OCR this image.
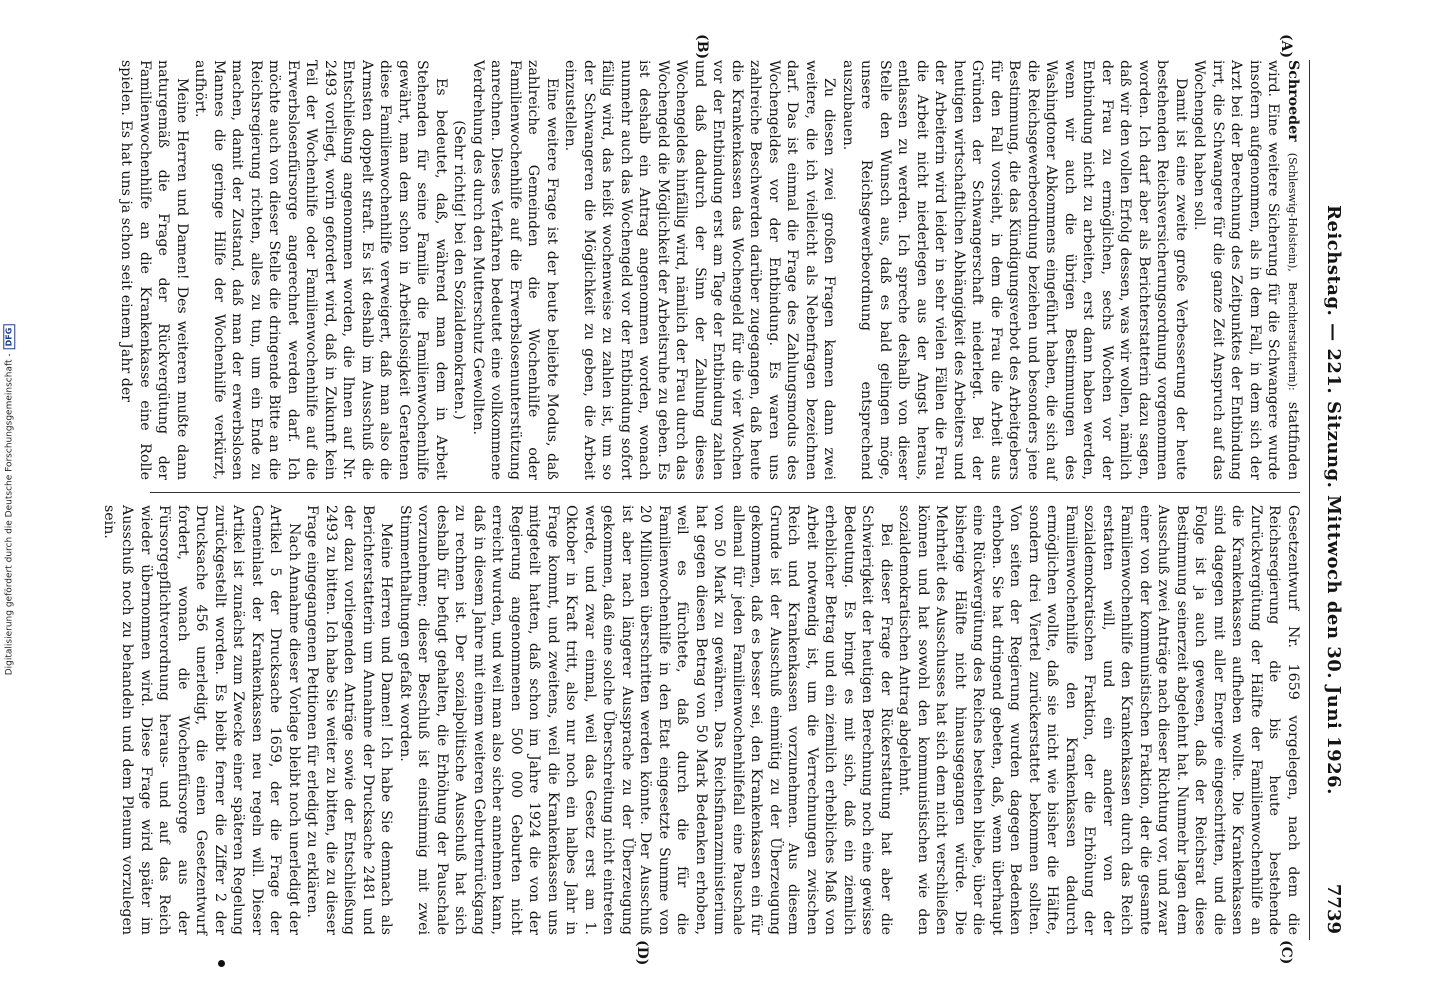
Digitalisierung gefördert durch die Deutsche Forschungsgemeinschaft -
DFG	Reichstag. — 221. Sitzung. Mittwoch den 30. Juni 1926.
7739
(A)
(B)
(C)
(D)

Schroeder (Schleswig-Holstein), Berichterstatterin): stattfinden wird. Eine weitere Sicherung für die Schwangere wurde insofern aufgenommen, als in dem Fall, in dem sich der Arzt bei der Berechnung des Zeitpunktes der Entbindung irrt, die Schwangere für die ganze Zeit Anspruch auf das Wochengeld haben soll.

Damit ist eine zweite große Verbesserung der heute bestehenden Reichsversicherungsordnung vorgenommen worden. Ich darf aber als Berichterstatterin dazu sagen, daß wir den vollen Erfolg dessen, was wir wollen, nämlich der Frau zu ermöglichen, sechs Wochen vor der Entbindung nicht zu arbeiten, erst dann haben werden, wenn wir auch die übrigen Bestimmungen des Washingtoner Abkommens eingeführt haben, die sich auf die Reichsgewerbeordnung beziehen und besonders jene Bestimmung, die das Kündigungsverbot des Arbeitgebers für den Fall vorsieht, in dem die Frau die Arbeit aus Gründen der Schwangerschaft niederlegt. Bei der heutigen wirtschaftlichen Abhängigkeit des Arbeiters und der Arbeiterin wird leider in sehr vielen Fällen die Frau die Arbeit nicht niederlegen aus der Angst heraus, entlassen zu werden. Ich spreche deshalb von dieser Stelle den Wunsch aus, daß es bald gelingen möge, unsere Reichsgewerbeordnung entsprechend auszubauen.

Zu diesen zwei großen Fragen kamen dann zwei weitere, die ich vielleicht als Nebenfragen bezeichnen darf. Das ist einmal die Frage des Zahlungsmodus des Wochengeldes vor der Entbindung. Es waren uns zahlreiche Beschwerden darüber zugegangen, daß heute die Krankenkassen das Wochengeld für die vier Wochen vor der Entbindung erst am Tage der Entbindung zahlen und daß dadurch der Sinn der Zahlung dieses Wochengeldes hinfällig wird, nämlich der Frau durch das Wochengeld die Möglichkeit der Arbeitsruhe zu geben. Es ist deshalb ein Antrag angenommen worden, wonach nunmehr auch das Wochengeld vor der Entbindung sofort fällig wird, das heißt wochenweise zu zahlen ist, um so der Schwangeren die Möglichkeit zu geben, die Arbeit einzustellen.

Eine weitere Frage ist der heute beliebte Modus, daß zahlreiche Gemeinden die Wochenhilfe oder Familienwochenhilfe auf die Erwerbslosenunterstützung anrechnen. Dieses Verfahren bedeutet eine vollkommene Verdrehung des durch den Mutterschutz Gewollten.

(Sehr richtig! bei den Sozialdemokraten.)

Es bedeutet, daß, während man dem in Arbeit Stehenden für seine Familie die Familienwochenhilfe gewährt, man dem schon in Arbeitslosigkeit Geratenen diese Familienwochenhilfe verweigert, daß man also die Armsten doppelt straft. Es ist deshalb im Ausschuß die Entschließung angenommen worden, die Ihnen auf Nr. 2493 vorliegt, worin gefordert wird, daß in Zukunft kein Teil der Wochenhilfe oder Familienwochenhilfe auf die Erwerbslosenfürsorge angerechnet werden darf. Ich möchte auch von dieser Stelle die dringende Bitte an die Reichsregierung richten, alles zu tun, um ein Ende zu machen, damit der Zustand, daß man der erwerbslosen Mannes die geringe Hilfe der Wochenhilfe verkürzt, aufhört.

Meine Herren und Damen! Des weiteren mußte dann naturgemäß die Frage der Rückvergütung der Familienwochenhilfe an die Krankenkasse eine Rolle spielen. Es hat uns ja schon seit einem Jahr der

Gesetzentwurf Nr. 1659 vorgelegen, nach dem die Reichsregierung die bis heute bestehende Zurückvergütung der Hälfte der Familienwochenhilfe an die Krankenkassen aufheben wollte. Die Krankenkassen sind dagegen mit aller Energie eingeschritten, und die Folge ist ja auch gewesen, daß der Reichsrat diese Bestimmung seinerzeit abgelehnt hat. Nunmehr lagen dem Ausschuß zwei Anträge nach dieser Richtung vor, und zwar einer von der kommunistischen Fraktion, der die gesamte Familienwochenhilfe den Krankenkassen durch das Reich erstatten will, und ein anderer von der sozialdemokratischen Fraktion, der die Erhöhung der Familienwochenhilfe den Krankenkassen dadurch ermöglichen wollte, daß sie nicht wie bisher die Hälfte, sondern drei Viertel zurückerstattet bekommen sollten. Von seiten der Regierung wurden dagegen Bedenken erhoben. Sie hat dringend gebeten, daß, wenn überhaupt eine Rückvergütung des Reiches bestehen bliebe, über die bisherige Hälfte nicht hinausgegangen würde. Die Mehrheit des Ausschusses hat sich dem nicht verschließen können und hat sowohl den kommunistischen wie den sozialdemokratischen Antrag abgelehnt.

Bei dieser Frage der Rückerstattung hat aber die Schwierigkeit der heutigen Berechnung noch eine gewisse Bedeutung. Es bringt es mit sich, daß ein ziemlich erheblicher Betrag und ein ziemlich erhebliches Maß von Arbeit notwendig ist, um die Verrechnungen zwischen Reich und Krankenkassen vorzunehmen. Aus diesem Grunde ist der Ausschuß einmütig zu der Überzeugung gekommen, daß es besser sei, den Krankenkassen ein für allemal für jeden Familienwochenhilfefall eine Pauschale von 50 Mark zu gewähren. Das Reichsfinanzministerium hat gegen diesen Betrag von 50 Mark Bedenken erhoben, weil es fürchtete, daß durch die für die Familienwochenhilfe in den Etat eingesetzte Summe von 20 Millionen überschritten werden könnte. Der Ausschuß ist aber nach längerer Aussprache zu der Überzeugung gekommen, daß eine solche Überschreitung nicht eintreten werde, und zwar einmal, weil das Gesetz erst am 1. Oktober in Kraft tritt, also nur noch ein halbes Jahr in Frage kommt, und zweitens, weil die Krankenkassen uns mitgeteilt hatten, daß schon im Jahre 1924 die von der Regierung angenommenen 500 000 Geburten nicht erreicht wurden, und weil man also sicher annehmen kann, daß in diesem Jahre mit einem weiteren Geburtenrückgang zu rechnen ist. Der sozialpolitische Ausschuß hat sich deshalb für befugt gehalten, die Erhöhung der Pauschale vorzunehmen; dieser Beschluß ist einstimmig mit zwei Stimmenthaltungen gefaßt worden.

Meine Herren und Damen! Ich habe Sie demnach als Berichterstatterin um Annahme der Drucksache 2481 und der dazu vorliegenden Anträge sowie der Entschließung 2493 zu bitten. Ich habe Sie weiter zu bitten, die zu dieser Frage eingegangenen Petitionen für erledigt zu erklären.

Nach Annahme dieser Vorlage bleibt noch unerledigt der Artikel 5 der Drucksache 1659, der die Frage der Gemeinlast der Krankenkassen neu regeln will. Dieser Artikel ist zunächst zum Zwecke einer späteren Regelung zurückgestellt worden. Es bleibt ferner die Ziffer 2 der Drucksache 456 unerledigt, die einen Gesetzentwurf fordert, wonach die Wochenfürsorge aus der Fürsorgepflichtverordnung heraus- und auf das Reich wieder übernommen wird. Diese Frage wird später im Ausschuß noch zu behandeln und dem Plenum vorzulegen sein.
